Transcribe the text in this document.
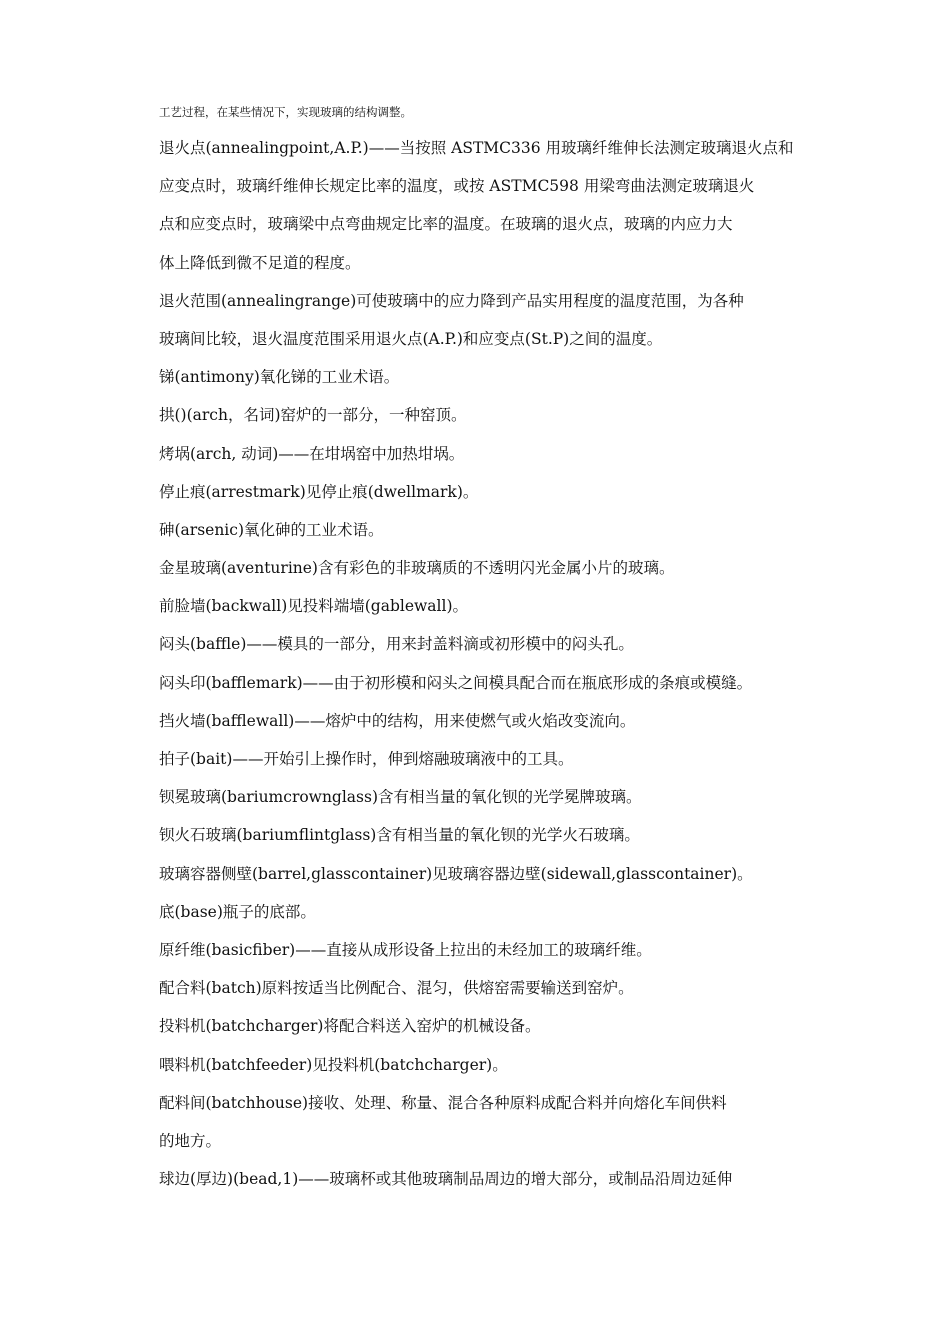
工艺过程，在某些情况下，实现玻璃的结构调整。
退火点(annealingpoint,A.P.)——当按照 ASTMC336 用玻璃纤维伸长法测定玻璃退火点和
应变点时，玻璃纤维伸长规定比率的温度，或按 ASTMC598 用梁弯曲法测定玻璃退火
点和应变点时，玻璃梁中点弯曲规定比率的温度。在玻璃的退火点，玻璃的内应力大
体上降低到微不足道的程度。
退火范围(annealingrange)可使玻璃中的应力降到产品实用程度的温度范围，为各种
玻璃间比较，退火温度范围采用退火点(A.P.)和应变点(St.P)之间的温度。
锑(antimony)氧化锑的工业术语。
拱()(arch，名词)窑炉的一部分，一种窑顶。
烤埚(arch, 动词)——在坩埚窑中加热坩埚。
停止痕(arrestmark)见停止痕(dwellmark)。
砷(arsenic)氧化砷的工业术语。
金星玻璃(aventurine)含有彩色的非玻璃质的不透明闪光金属小片的玻璃。
前脸墙(backwall)见投料端墙(gablewall)。
闷头(baffle)——模具的一部分，用来封盖料滴或初形模中的闷头孔。
闷头印(bafflemark)——由于初形模和闷头之间模具配合而在瓶底形成的条痕或模缝。
挡火墙(bafflewall)——熔炉中的结构，用来使燃气或火焰改变流向。
拍子(bait)——开始引上操作时，伸到熔融玻璃液中的工具。
钡冕玻璃(bariumcrownglass)含有相当量的氧化钡的光学冕牌玻璃。
钡火石玻璃(bariumflintglass)含有相当量的氧化钡的光学火石玻璃。
玻璃容器侧壁(barrel,glasscontainer)见玻璃容器边壁(sidewall,glasscontainer)。
底(base)瓶子的底部。
原纤维(basicfiber)——直接从成形设备上拉出的未经加工的玻璃纤维。
配合料(batch)原料按适当比例配合、混匀，供熔窑需要输送到窑炉。
投料机(batchcharger)将配合料送入窑炉的机械设备。
喂料机(batchfeeder)见投料机(batchcharger)。
配料间(batchhouse)接收、处理、称量、混合各种原料成配合料并向熔化车间供料
的地方。
球边(厚边)(bead,1)——玻璃杯或其他玻璃制品周边的增大部分，或制品沿周边延伸
